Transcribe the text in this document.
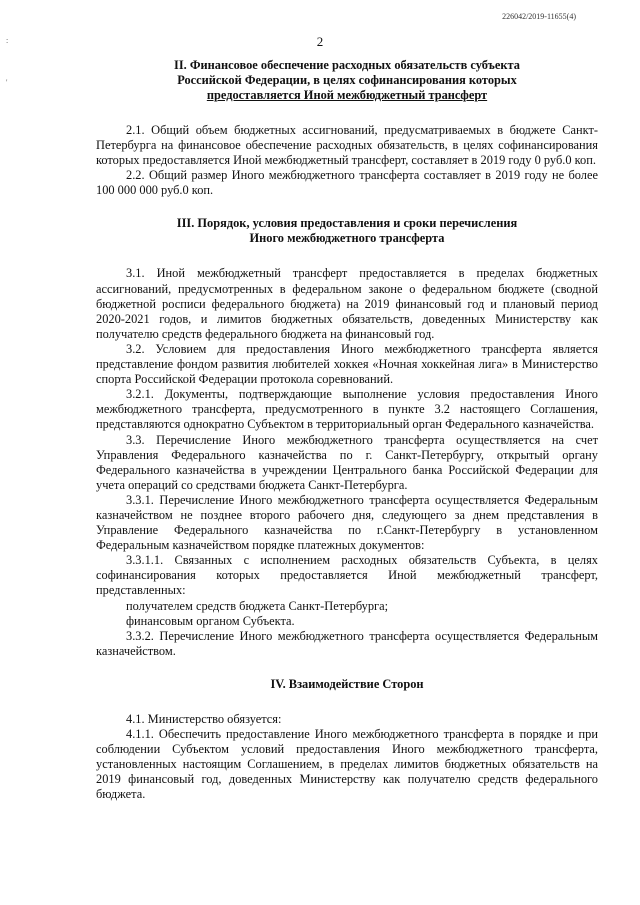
226042/2019-11655(4)
:
'
2
II. Финансовое обеспечение расходных обязательств субъекта
Российской Федерации, в целях софинансирования которых
предоставляется Иной межбюджетный трансферт

2.1. Общий объем бюджетных ассигнований, предусматриваемых в бюджете Санкт-Петербурга на финансовое обеспечение расходных обязательств, в целях софинансирования которых предоставляется Иной межбюджетный трансферт, составляет в 2019 году 0 руб.0 коп.

2.2. Общий размер Иного межбюджетного трансферта составляет в 2019 году не более 100 000 000 руб.0 коп.

III. Порядок, условия предоставления и сроки перечисления
Иного межбюджетного трансферта

3.1. Иной межбюджетный трансферт предоставляется в пределах бюджетных ассигнований, предусмотренных в федеральном законе о федеральном бюджете (сводной бюджетной росписи федерального бюджета) на 2019 финансовый год и плановый период 2020-2021 годов, и лимитов бюджетных обязательств, доведенных Министерству как получателю средств федерального бюджета на финансовый год.

3.2. Условием для предоставления Иного межбюджетного трансферта является представление фондом развития любителей хоккея «Ночная хоккейная лига» в Министерство спорта Российской Федерации протокола соревнований.

3.2.1. Документы, подтверждающие выполнение условия предоставления Иного межбюджетного трансферта, предусмотренного в пункте 3.2 настоящего Соглашения, представляются однократно Субъектом в территориальный орган Федерального казначейства.

3.3. Перечисление Иного межбюджетного трансферта осуществляется на счет Управления Федерального казначейства по г. Санкт-Петербургу, открытый органу Федерального казначейства в учреждении Центрального банка Российской Федерации для учета операций со средствами бюджета Санкт-Петербурга.

3.3.1. Перечисление Иного межбюджетного трансферта осуществляется Федеральным казначейством не позднее второго рабочего дня, следующего за днем представления в Управление Федерального казначейства по г.Санкт-Петербургу в установленном Федеральным казначейством порядке платежных документов:

3.3.1.1. Связанных с исполнением расходных обязательств Субъекта, в целях софинансирования которых предоставляется Иной межбюджетный трансферт, представленных:

получателем средств бюджета Санкт-Петербурга;

финансовым органом Субъекта.

3.3.2. Перечисление Иного межбюджетного трансферта осуществляется Федеральным казначейством.

IV. Взаимодействие Сторон

4.1. Министерство обязуется:

4.1.1. Обеспечить предоставление Иного межбюджетного трансферта в порядке и при соблюдении Субъектом условий предоставления Иного межбюджетного трансферта, установленных настоящим Соглашением, в пределах лимитов бюджетных обязательств на 2019 финансовый год, доведенных Министерству как получателю средств федерального бюджета.
